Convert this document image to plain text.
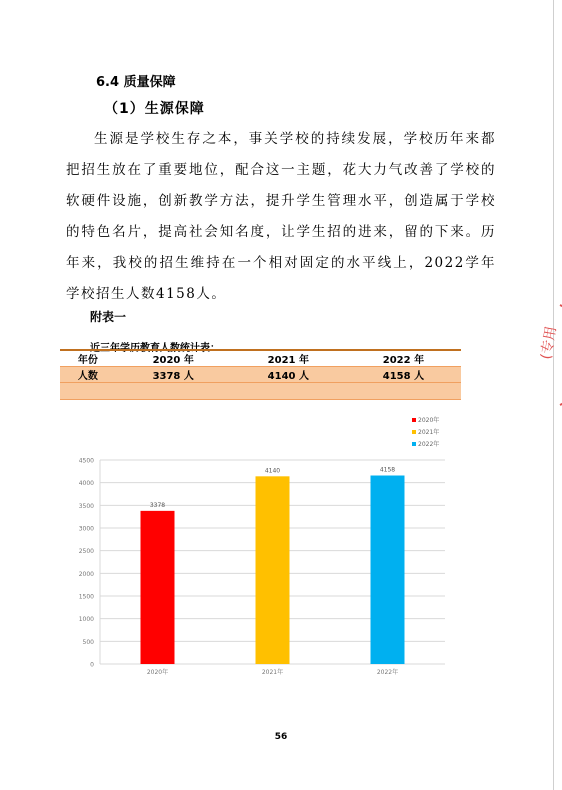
6.4 质量保障
（1）生源保障
生源是学校生存之本，事关学校的持续发展，学校历年来都把招生放在了重要地位，配合这一主题，花大力气改善了学校的软硬件设施，创新教学方法，提升学生管理水平，创造属于学校的特色名片，提高社会知名度，让学生招的进来，留的下来。历年来，我校的招生维持在一个相对固定的水平线上，2022学年学校招生人数4158人。
附表一
近三年学历教育人数统计表：
年份	2020 年	2021 年	2022 年
人数	3378 人	4140 人	4158 人

0
500
1000
1500
2000
2500
3000
3500
4000
4500
3378
2020年
4140
2021年
4158
2022年
2020年
2021年
2022年
(专用
56
